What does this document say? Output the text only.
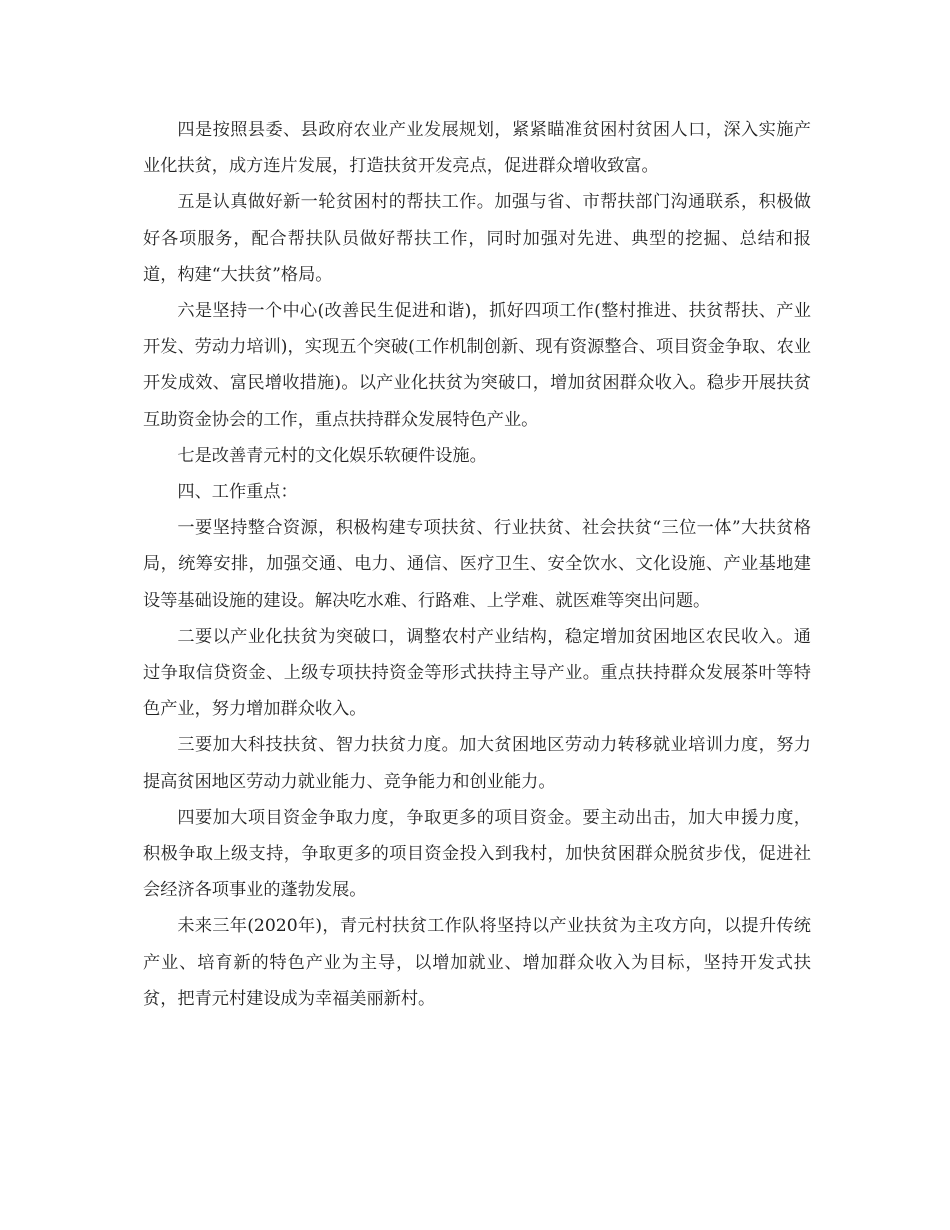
四是按照县委、县政府农业产业发展规划，紧紧瞄准贫困村贫困人口，深入实施产业化扶贫，成方连片发展，打造扶贫开发亮点，促进群众增收致富。

五是认真做好新一轮贫困村的帮扶工作。加强与省、市帮扶部门沟通联系，积极做好各项服务，配合帮扶队员做好帮扶工作，同时加强对先进、典型的挖掘、总结和报道，构建“大扶贫”格局。

六是坚持一个中心(改善民生促进和谐)，抓好四项工作(整村推进、扶贫帮扶、产业开发、劳动力培训)，实现五个突破(工作机制创新、现有资源整合、项目资金争取、农业开发成效、富民增收措施)。以产业化扶贫为突破口，增加贫困群众收入。稳步开展扶贫互助资金协会的工作，重点扶持群众发展特色产业。

七是改善青元村的文化娱乐软硬件设施。

四、工作重点：

一要坚持整合资源，积极构建专项扶贫、行业扶贫、社会扶贫“三位一体”大扶贫格局，统筹安排，加强交通、电力、通信、医疗卫生、安全饮水、文化设施、产业基地建设等基础设施的建设。解决吃水难、行路难、上学难、就医难等突出问题。

二要以产业化扶贫为突破口，调整农村产业结构，稳定增加贫困地区农民收入。通过争取信贷资金、上级专项扶持资金等形式扶持主导产业。重点扶持群众发展茶叶等特色产业，努力增加群众收入。

三要加大科技扶贫、智力扶贫力度。加大贫困地区劳动力转移就业培训力度，努力提高贫困地区劳动力就业能力、竞争能力和创业能力。

四要加大项目资金争取力度，争取更多的项目资金。要主动出击，加大申援力度，积极争取上级支持，争取更多的项目资金投入到我村，加快贫困群众脱贫步伐，促进社会经济各项事业的蓬勃发展。

未来三年(2020年)，青元村扶贫工作队将坚持以产业扶贫为主攻方向，以提升传统产业、培育新的特色产业为主导，以增加就业、增加群众收入为目标，坚持开发式扶贫，把青元村建设成为幸福美丽新村。
